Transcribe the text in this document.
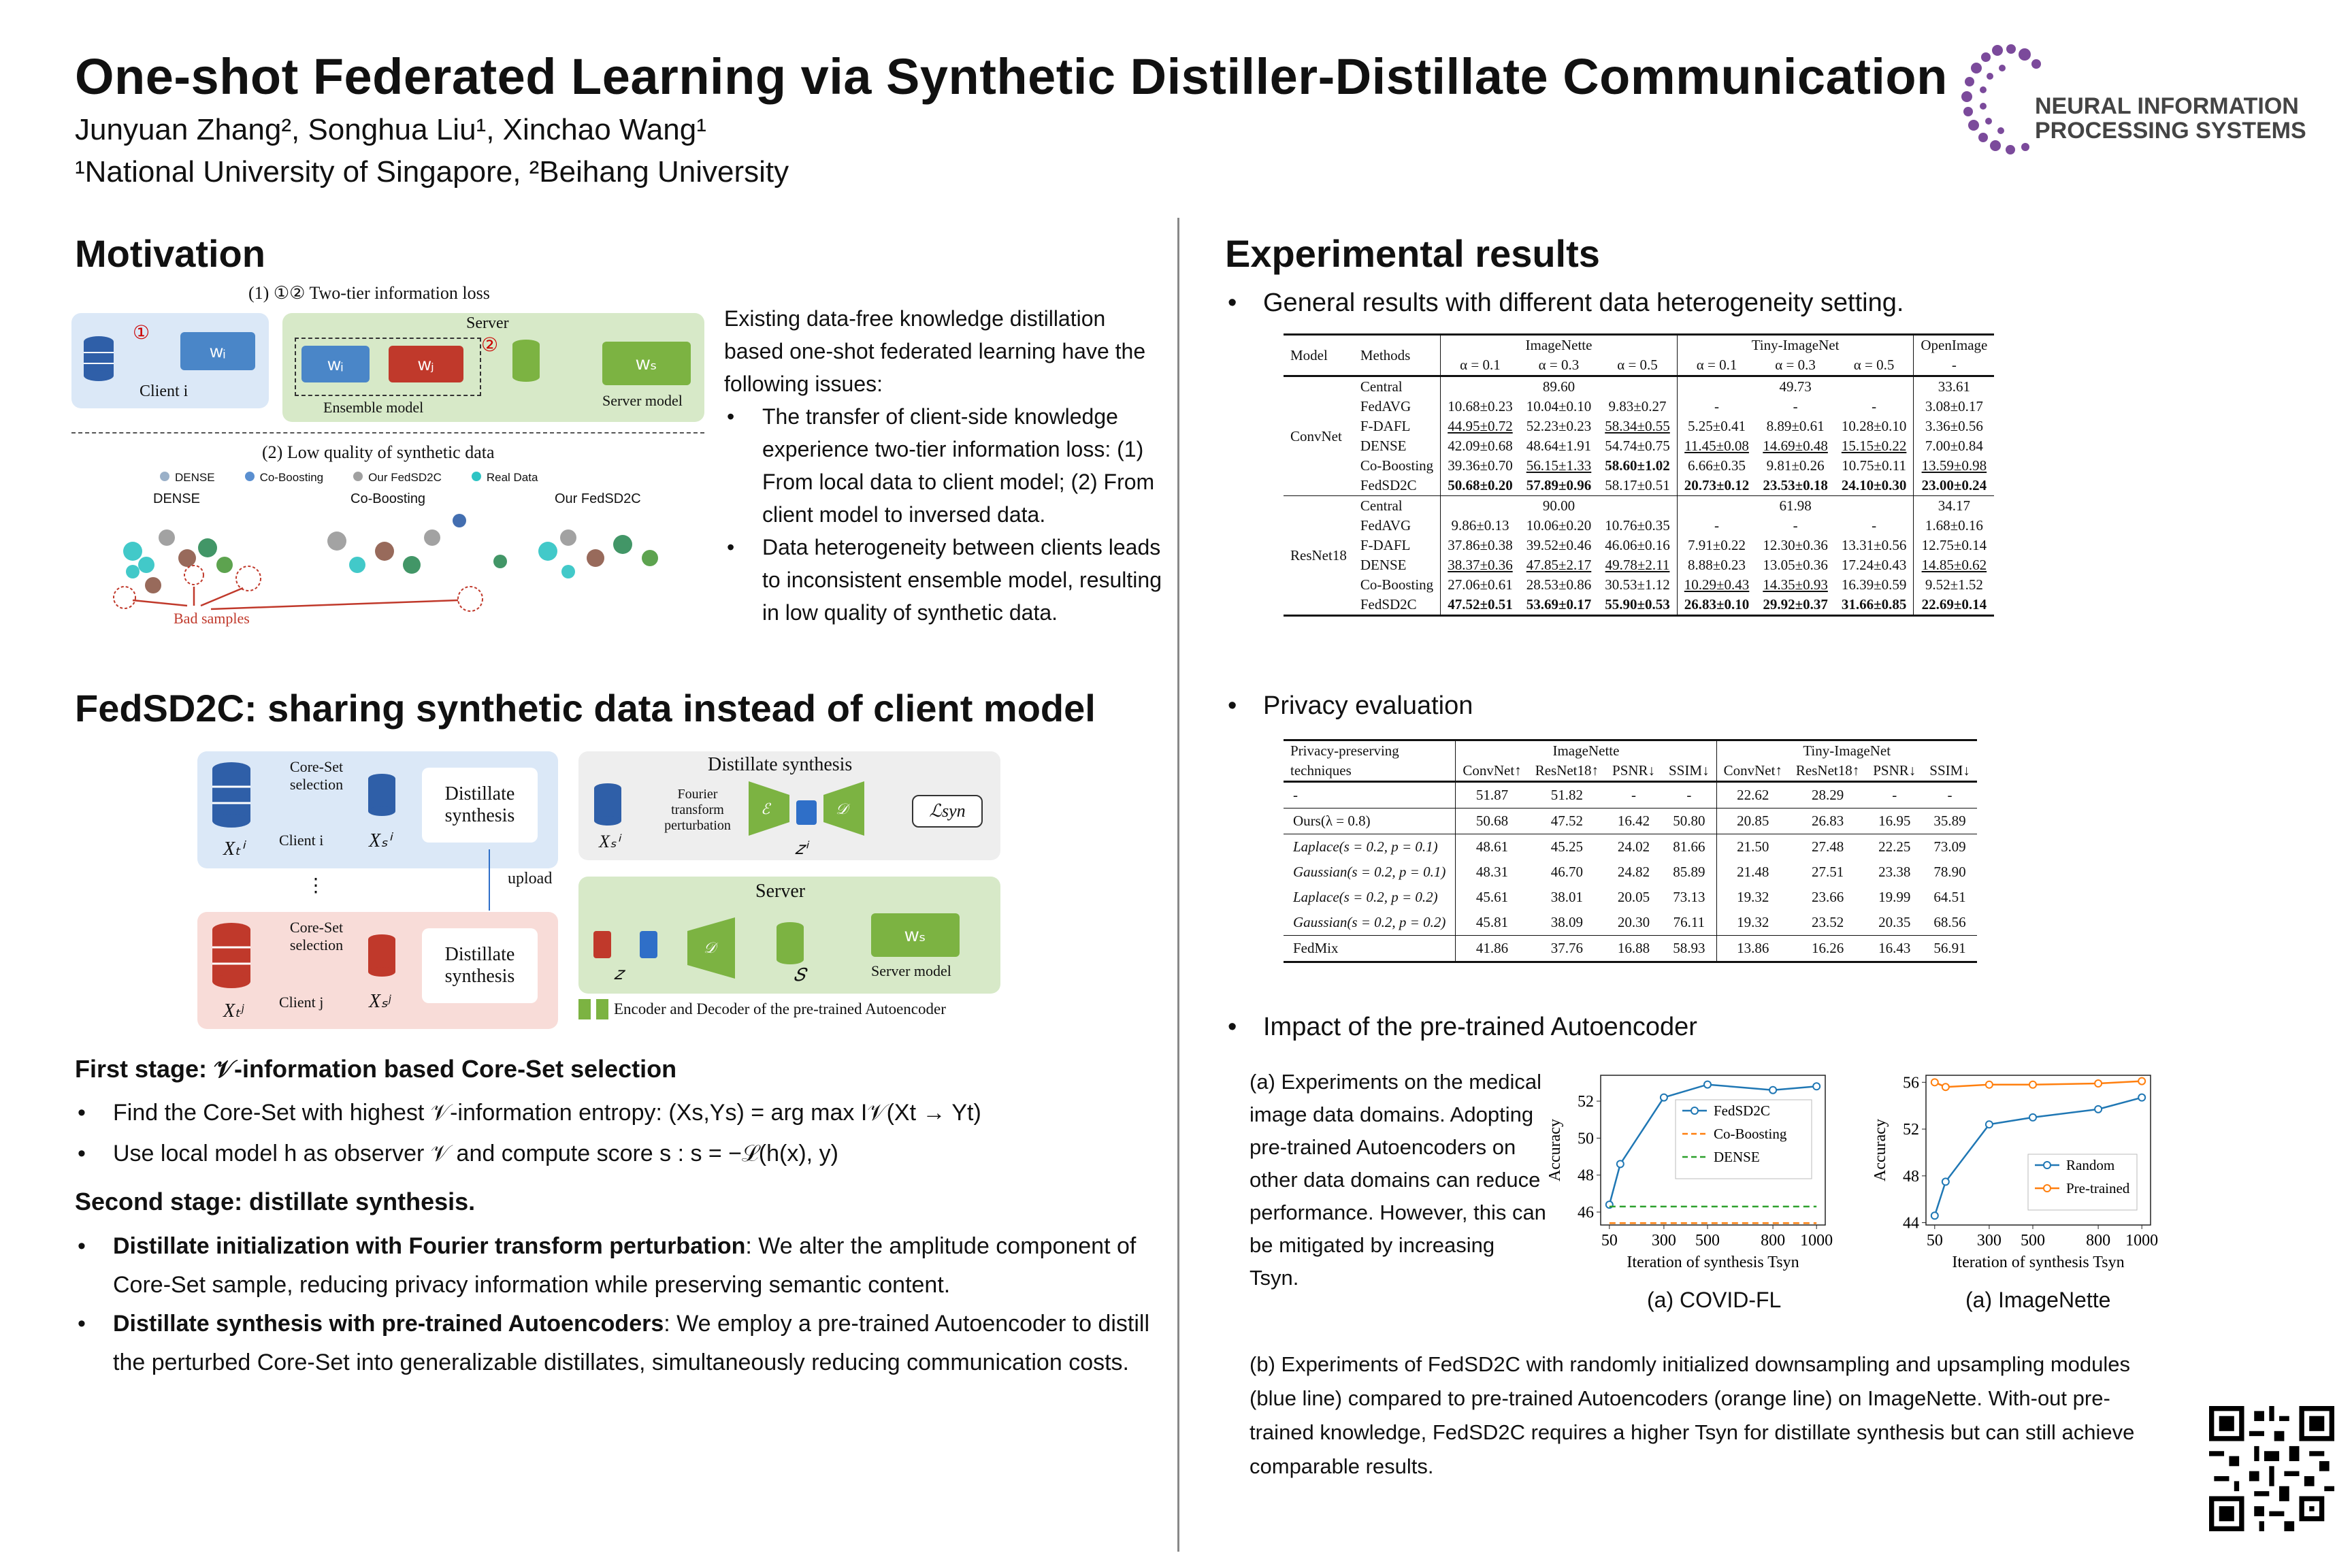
One-shot Federated Learning via Synthetic Distiller-Distillate Communication
Junyuan Zhang², Songhua Liu¹, Xinchao Wang¹
¹National University of Singapore, ²Beihang University
NEURAL INFORMATION
PROCESSING SYSTEMS
Motivation
(1) ①② Two-tier information loss
wᵢ
Client i
①	Server
wᵢ	wⱼ
Ensemble model
②
wₛ
Server model
(2) Low quality of synthetic data
DENSE	Co-Boosting	Our FedSD2C	Real Data
DENSE	Co-Boosting	Our FedSD2C
Bad samples
Existing data-free knowledge distillation based one-shot federated learning have the following issues:
• The transfer of client-side knowledge experience two-tier information loss: (1) From local data to client model; (2) From client model to inversed data.
• Data heterogeneity between clients leads to inconsistent ensemble model, resulting in low quality of synthetic data.
FedSD2C: sharing synthetic data instead of client model
Xₜⁱ
Core-Set selection
Xₛⁱ
Client i
Distillate synthesis
⋮
Xₜʲ
Core-Set selection
Xₛʲ
Client j
Distillate synthesis
Distillate synthesis
Fourier transform perturbation
ℰ	𝒟	ℒsyn
𝑧ⁱ
Xₛⁱ
upload
Server
𝑧
𝒟
𝑆
wₛ
Server model
Encoder and Decoder of the pre-trained Autoencoder
First stage: 𝒱-information based Core-Set selection
• Find the Core-Set with highest 𝒱-information entropy: (Xs,Ys) = arg max I𝒱(Xt → Yt)
• Use local model h as observer 𝒱 and compute score s : s = −ℒ(h(x), y)
Second stage: distillate synthesis.
• Distillate initialization with Fourier transform perturbation: We alter the amplitude component of Core-Set sample, reducing privacy information while preserving semantic content.
• Distillate synthesis with pre-trained Autoencoders: We employ a pre-trained Autoencoder to distill the perturbed Core-Set into generalizable distillates, simultaneously reducing communication costs.
Experimental results
• General results with different data heterogeneity setting.
Model	Methods	ImageNette			Tiny-ImageNet			OpenImage
		α = 0.1	α = 0.3	α = 0.5	α = 0.1	α = 0.3	α = 0.5	-
ConvNet	Central		89.60			49.73		33.61
	FedAVG	10.68±0.23	10.04±0.10	9.83±0.27	-	-	-	3.08±0.17
	F-DAFL	44.95±0.72	52.23±0.23	58.34±0.55	5.25±0.41	8.89±0.61	10.28±0.10	3.36±0.56
	DENSE	42.09±0.68	48.64±1.91	54.74±0.75	11.45±0.08	14.69±0.48	15.15±0.22	7.00±0.84
	Co-Boosting	39.36±0.70	56.15±1.33	58.60±1.02	6.66±0.35	9.81±0.26	10.75±0.11	13.59±0.98
	FedSD2C	50.68±0.20	57.89±0.96	58.17±0.51	20.73±0.12	23.53±0.18	24.10±0.30	23.00±0.24
ResNet18	Central		90.00			61.98		34.17
	FedAVG	9.86±0.13	10.06±0.20	10.76±0.35	-	-	-	1.68±0.16
	F-DAFL	37.86±0.38	39.52±0.46	46.06±0.16	7.91±0.22	12.30±0.36	13.31±0.56	12.75±0.14
	DENSE	38.37±0.36	47.85±2.17	49.78±2.11	8.88±0.23	13.05±0.36	17.24±0.43	14.85±0.62
	Co-Boosting	27.06±0.61	28.53±0.86	30.53±1.12	10.29±0.43	14.35±0.93	16.39±0.59	9.52±1.52
	FedSD2C	47.52±0.51	53.69±0.17	55.90±0.53	26.83±0.10	29.92±0.37	31.66±0.85	22.69±0.14
• Privacy evaluation
Privacy-preserving	ImageNette				Tiny-ImageNet			
techniques	ConvNet↑	ResNet18↑	PSNR↓	SSIM↓	ConvNet↑	ResNet18↑	PSNR↓	SSIM↓
-	51.87	51.82	-	-	22.62	28.29	-	-
Ours(λ = 0.8)	50.68	47.52	16.42	50.80	20.85	26.83	16.95	35.89
Laplace(s = 0.2, p = 0.1)	48.61	45.25	24.02	81.66	21.50	27.48	22.25	73.09
Gaussian(s = 0.2, p = 0.1)	48.31	46.70	24.82	85.89	21.48	27.51	23.38	78.90
Laplace(s = 0.2, p = 0.2)	45.61	38.01	20.05	73.13	19.32	23.66	19.99	64.51
Gaussian(s = 0.2, p = 0.2)	45.81	38.09	20.30	76.11	19.32	23.52	20.35	68.56
FedMix	41.86	37.76	16.88	58.93	13.86	16.26	16.43	56.91
• Impact of the pre-trained Autoencoder
(a) Experiments on the medical image data domains. Adopting pre-trained Autoencoders on other data domains can reduce performance. However, this can be mitigated by increasing Tsyn.
46
48
50
52
50 300 500	800 1000
Accuracy
Iteration of synthesis Tsyn
FedSD2C
Co-Boosting
DENSE
44
48
52
56
50 300 500	800 1000
Accuracy
Iteration of synthesis Tsyn
Random
Pre-trained
(a) COVID-FL	(a) ImageNette
(b) Experiments of FedSD2C with randomly initialized downsampling and upsampling modules (blue line) compared to pre-trained Autoencoders (orange line) on ImageNette. With-out pre-trained knowledge, FedSD2C requires a higher Tsyn for distillate synthesis but can still achieve comparable results.
